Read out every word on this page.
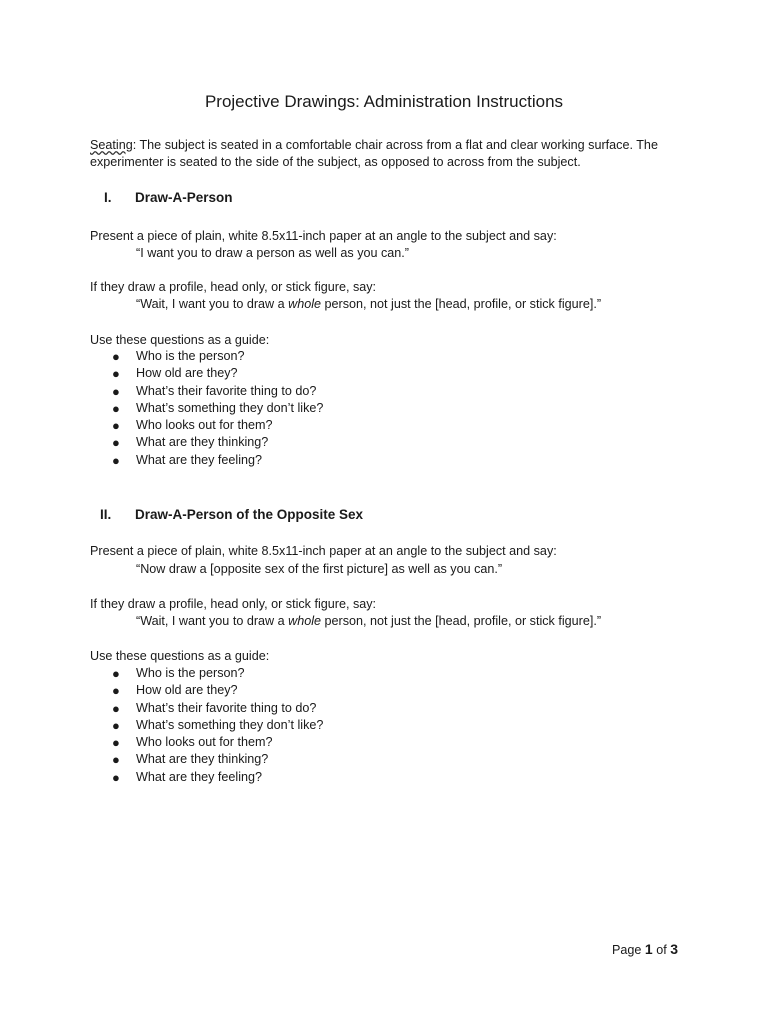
Projective Drawings: Administration Instructions
Seating: The subject is seated in a comfortable chair across from a flat and clear working surface. The
experimenter is seated to the side of the subject, as opposed to across from the subject.
I. Draw-A-Person
Present a piece of plain, white 8.5x11-inch paper at an angle to the subject and say:
“I want you to draw a person as well as you can.”
If they draw a profile, head only, or stick figure, say:
“Wait, I want you to draw a whole person, not just the [head, profile, or stick figure].”
Use these questions as a guide:
● Who is the person?
● How old are they?
● What’s their favorite thing to do?
● What’s something they don’t like?
● Who looks out for them?
● What are they thinking?
● What are they feeling?
II. Draw-A-Person of the Opposite Sex
Present a piece of plain, white 8.5x11-inch paper at an angle to the subject and say:
“Now draw a [opposite sex of the first picture] as well as you can.”
If they draw a profile, head only, or stick figure, say:
“Wait, I want you to draw a whole person, not just the [head, profile, or stick figure].”
Use these questions as a guide:
● Who is the person?
● How old are they?
● What’s their favorite thing to do?
● What’s something they don’t like?
● Who looks out for them?
● What are they thinking?
● What are they feeling?
Page 1 of 3
